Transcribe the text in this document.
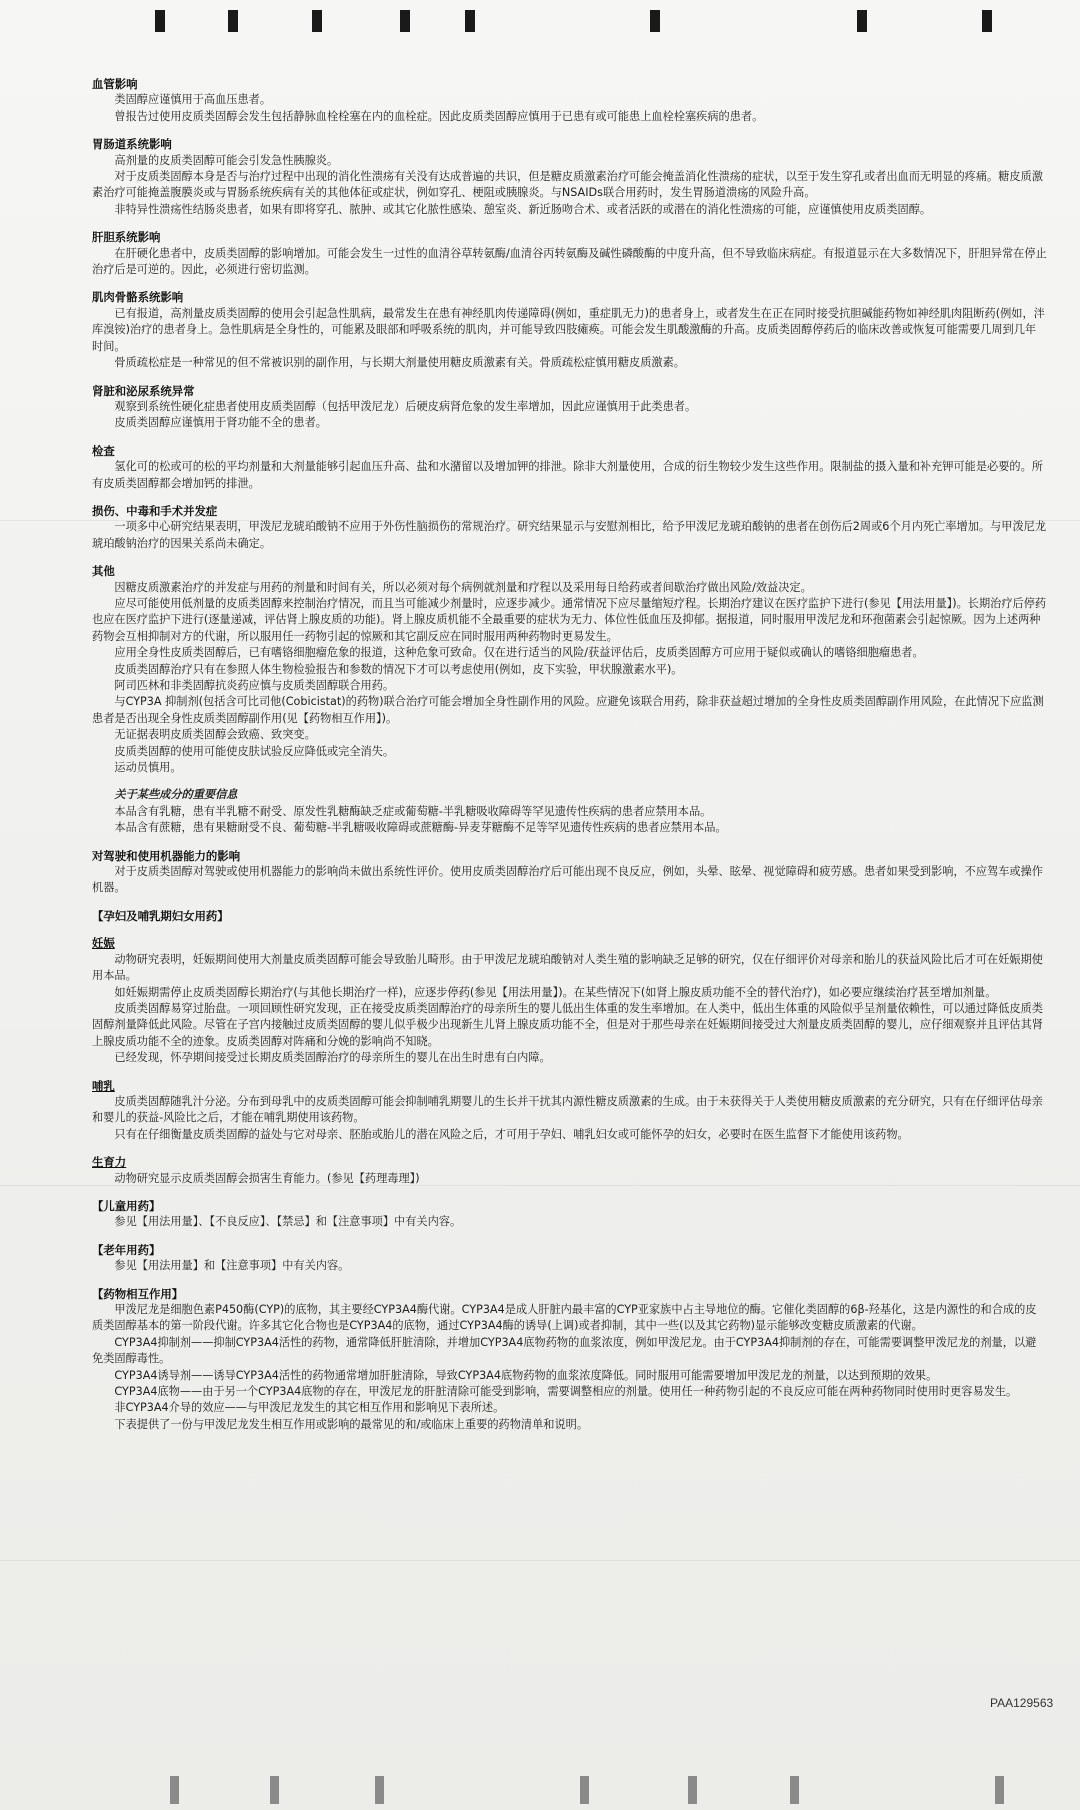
血管影响
类固醇应谨慎用于高血压患者。
曾报告过使用皮质类固醇会发生包括静脉血栓栓塞在内的血栓症。因此皮质类固醇应慎用于已患有或可能患上血栓栓塞疾病的患者。
胃肠道系统影响
高剂量的皮质类固醇可能会引发急性胰腺炎。
对于皮质类固醇本身是否与治疗过程中出现的消化性溃疡有关没有达成普遍的共识，但是糖皮质激素治疗可能会掩盖消化性溃疡的症状，以至于发生穿孔或者出血而无明显的疼痛。糖皮质激素治疗可能掩盖腹膜炎或与胃肠系统疾病有关的其他体征或症状，例如穿孔、梗阻或胰腺炎。与NSAIDs联合用药时，发生胃肠道溃疡的风险升高。
非特异性溃疡性结肠炎患者，如果有即将穿孔、脓肿、或其它化脓性感染、憩室炎、新近肠吻合术、或者活跃的或潜在的消化性溃疡的可能，应谨慎使用皮质类固醇。
肝胆系统影响
在肝硬化患者中，皮质类固醇的影响增加。可能会发生一过性的血清谷草转氨酶/血清谷丙转氨酶及碱性磷酸酶的中度升高，但不导致临床病症。有报道显示在大多数情况下，肝胆异常在停止治疗后是可逆的。因此，必须进行密切监测。
肌肉骨骼系统影响
已有报道，高剂量皮质类固醇的使用会引起急性肌病，最常发生在患有神经肌肉传递障碍(例如，重症肌无力)的患者身上，或者发生在正在同时接受抗胆碱能药物如神经肌肉阻断药(例如，泮库溴铵)治疗的患者身上。急性肌病是全身性的，可能累及眼部和呼吸系统的肌肉，并可能导致四肢瘫痪。可能会发生肌酸激酶的升高。皮质类固醇停药后的临床改善或恢复可能需要几周到几年时间。
骨质疏松症是一种常见的但不常被识别的副作用，与长期大剂量使用糖皮质激素有关。骨质疏松症慎用糖皮质激素。
肾脏和泌尿系统异常
观察到系统性硬化症患者使用皮质类固醇（包括甲泼尼龙）后硬皮病肾危象的发生率增加，因此应谨慎用于此类患者。
皮质类固醇应谨慎用于肾功能不全的患者。
检查
氢化可的松或可的松的平均剂量和大剂量能够引起血压升高、盐和水潴留以及增加钾的排泄。除非大剂量使用，合成的衍生物较少发生这些作用。限制盐的摄入量和补充钾可能是必要的。所有皮质类固醇都会增加钙的排泄。
损伤、中毒和手术并发症
一项多中心研究结果表明，甲泼尼龙琥珀酸钠不应用于外伤性脑损伤的常规治疗。研究结果显示与安慰剂相比，给予甲泼尼龙琥珀酸钠的患者在创伤后2周或6个月内死亡率增加。与甲泼尼龙琥珀酸钠治疗的因果关系尚未确定。
其他
因糖皮质激素治疗的并发症与用药的剂量和时间有关，所以必须对每个病例就剂量和疗程以及采用每日给药或者间歇治疗做出风险/效益决定。
应尽可能使用低剂量的皮质类固醇来控制治疗情况，而且当可能减少剂量时，应逐步减少。通常情况下应尽量缩短疗程。长期治疗建议在医疗监护下进行(参见【用法用量】)。长期治疗后停药也应在医疗监护下进行(逐量递减，评估肾上腺皮质的功能)。肾上腺皮质机能不全最重要的症状为无力、体位性低血压及抑郁。据报道，同时服用甲泼尼龙和环孢菌素会引起惊厥。因为上述两种药物会互相抑制对方的代谢，所以服用任一药物引起的惊厥和其它副反应在同时服用两种药物时更易发生。
应用全身性皮质类固醇后，已有嗜铬细胞瘤危象的报道，这种危象可致命。仅在进行适当的风险/获益评估后，皮质类固醇方可应用于疑似或确认的嗜铬细胞瘤患者。
皮质类固醇治疗只有在参照人体生物检验报告和参数的情况下才可以考虑使用(例如，皮下实验，甲状腺激素水平)。
阿司匹林和非类固醇抗炎药应慎与皮质类固醇联合用药。
与CYP3A 抑制剂(包括含可比司他(Cobicistat)的药物)联合治疗可能会增加全身性副作用的风险。应避免该联合用药，除非获益超过增加的全身性皮质类固醇副作用风险，在此情况下应监测患者是否出现全身性皮质类固醇副作用(见【药物相互作用】)。
无证据表明皮质类固醇会致癌、致突变。
皮质类固醇的使用可能使皮肤试验反应降低或完全消失。
运动员慎用。
关于某些成分的重要信息
本品含有乳糖，患有半乳糖不耐受、原发性乳糖酶缺乏症或葡萄糖-半乳糖吸收障碍等罕见遗传性疾病的患者应禁用本品。
本品含有蔗糖，患有果糖耐受不良、葡萄糖-半乳糖吸收障碍或蔗糖酶-异麦芽糖酶不足等罕见遗传性疾病的患者应禁用本品。
对驾驶和使用机器能力的影响
对于皮质类固醇对驾驶或使用机器能力的影响尚未做出系统性评价。使用皮质类固醇治疗后可能出现不良反应，例如，头晕、眩晕、视觉障碍和疲劳感。患者如果受到影响，不应驾车或操作机器。
【孕妇及哺乳期妇女用药】
妊娠
动物研究表明，妊娠期间使用大剂量皮质类固醇可能会导致胎儿畸形。由于甲泼尼龙琥珀酸钠对人类生殖的影响缺乏足够的研究，仅在仔细评价对母亲和胎儿的获益风险比后才可在妊娠期使用本品。
如妊娠期需停止皮质类固醇长期治疗(与其他长期治疗一样)，应逐步停药(参见【用法用量】)。在某些情况下(如肾上腺皮质功能不全的替代治疗)，如必要应继续治疗甚至增加剂量。
皮质类固醇易穿过胎盘。一项回顾性研究发现，正在接受皮质类固醇治疗的母亲所生的婴儿低出生体重的发生率增加。在人类中，低出生体重的风险似乎呈剂量依赖性，可以通过降低皮质类固醇剂量降低此风险。尽管在子宫内接触过皮质类固醇的婴儿似乎极少出现新生儿肾上腺皮质功能不全，但是对于那些母亲在妊娠期间接受过大剂量皮质类固醇的婴儿，应仔细观察并且评估其肾上腺皮质功能不全的迹象。皮质类固醇对阵痛和分娩的影响尚不知晓。
已经发现，怀孕期间接受过长期皮质类固醇治疗的母亲所生的婴儿在出生时患有白内障。
哺乳
皮质类固醇随乳汁分泌。分布到母乳中的皮质类固醇可能会抑制哺乳期婴儿的生长并干扰其内源性糖皮质激素的生成。由于未获得关于人类使用糖皮质激素的充分研究，只有在仔细评估母亲和婴儿的获益-风险比之后，才能在哺乳期使用该药物。
只有在仔细衡量皮质类固醇的益处与它对母亲、胚胎或胎儿的潜在风险之后，才可用于孕妇、哺乳妇女或可能怀孕的妇女，必要时在医生监督下才能使用该药物。
生育力
动物研究显示皮质类固醇会损害生育能力。(参见【药理毒理】)
【儿童用药】
参见【用法用量】、【不良反应】、【禁忌】和【注意事项】中有关内容。
【老年用药】
参见【用法用量】和【注意事项】中有关内容。
【药物相互作用】
甲泼尼龙是细胞色素P450酶(CYP)的底物，其主要经CYP3A4酶代谢。CYP3A4是成人肝脏内最丰富的CYP亚家族中占主导地位的酶。它催化类固醇的6β-羟基化，这是内源性的和合成的皮质类固醇基本的第一阶段代谢。许多其它化合物也是CYP3A4的底物，通过CYP3A4酶的诱导(上调)或者抑制，其中一些(以及其它药物)显示能够改变糖皮质激素的代谢。
CYP3A4抑制剂——抑制CYP3A4活性的药物，通常降低肝脏清除，并增加CYP3A4底物药物的血浆浓度，例如甲泼尼龙。由于CYP3A4抑制剂的存在，可能需要调整甲泼尼龙的剂量，以避免类固醇毒性。
CYP3A4诱导剂——诱导CYP3A4活性的药物通常增加肝脏清除，导致CYP3A4底物药物的血浆浓度降低。同时服用可能需要增加甲泼尼龙的剂量，以达到预期的效果。
CYP3A4底物——由于另一个CYP3A4底物的存在，甲泼尼龙的肝脏清除可能受到影响，需要调整相应的剂量。使用任一种药物引起的不良反应可能在两种药物同时使用时更容易发生。
非CYP3A4介导的效应——与甲泼尼龙发生的其它相互作用和影响见下表所述。
下表提供了一份与甲泼尼龙发生相互作用或影响的最常见的和/或临床上重要的药物清单和说明。
PAA129563
